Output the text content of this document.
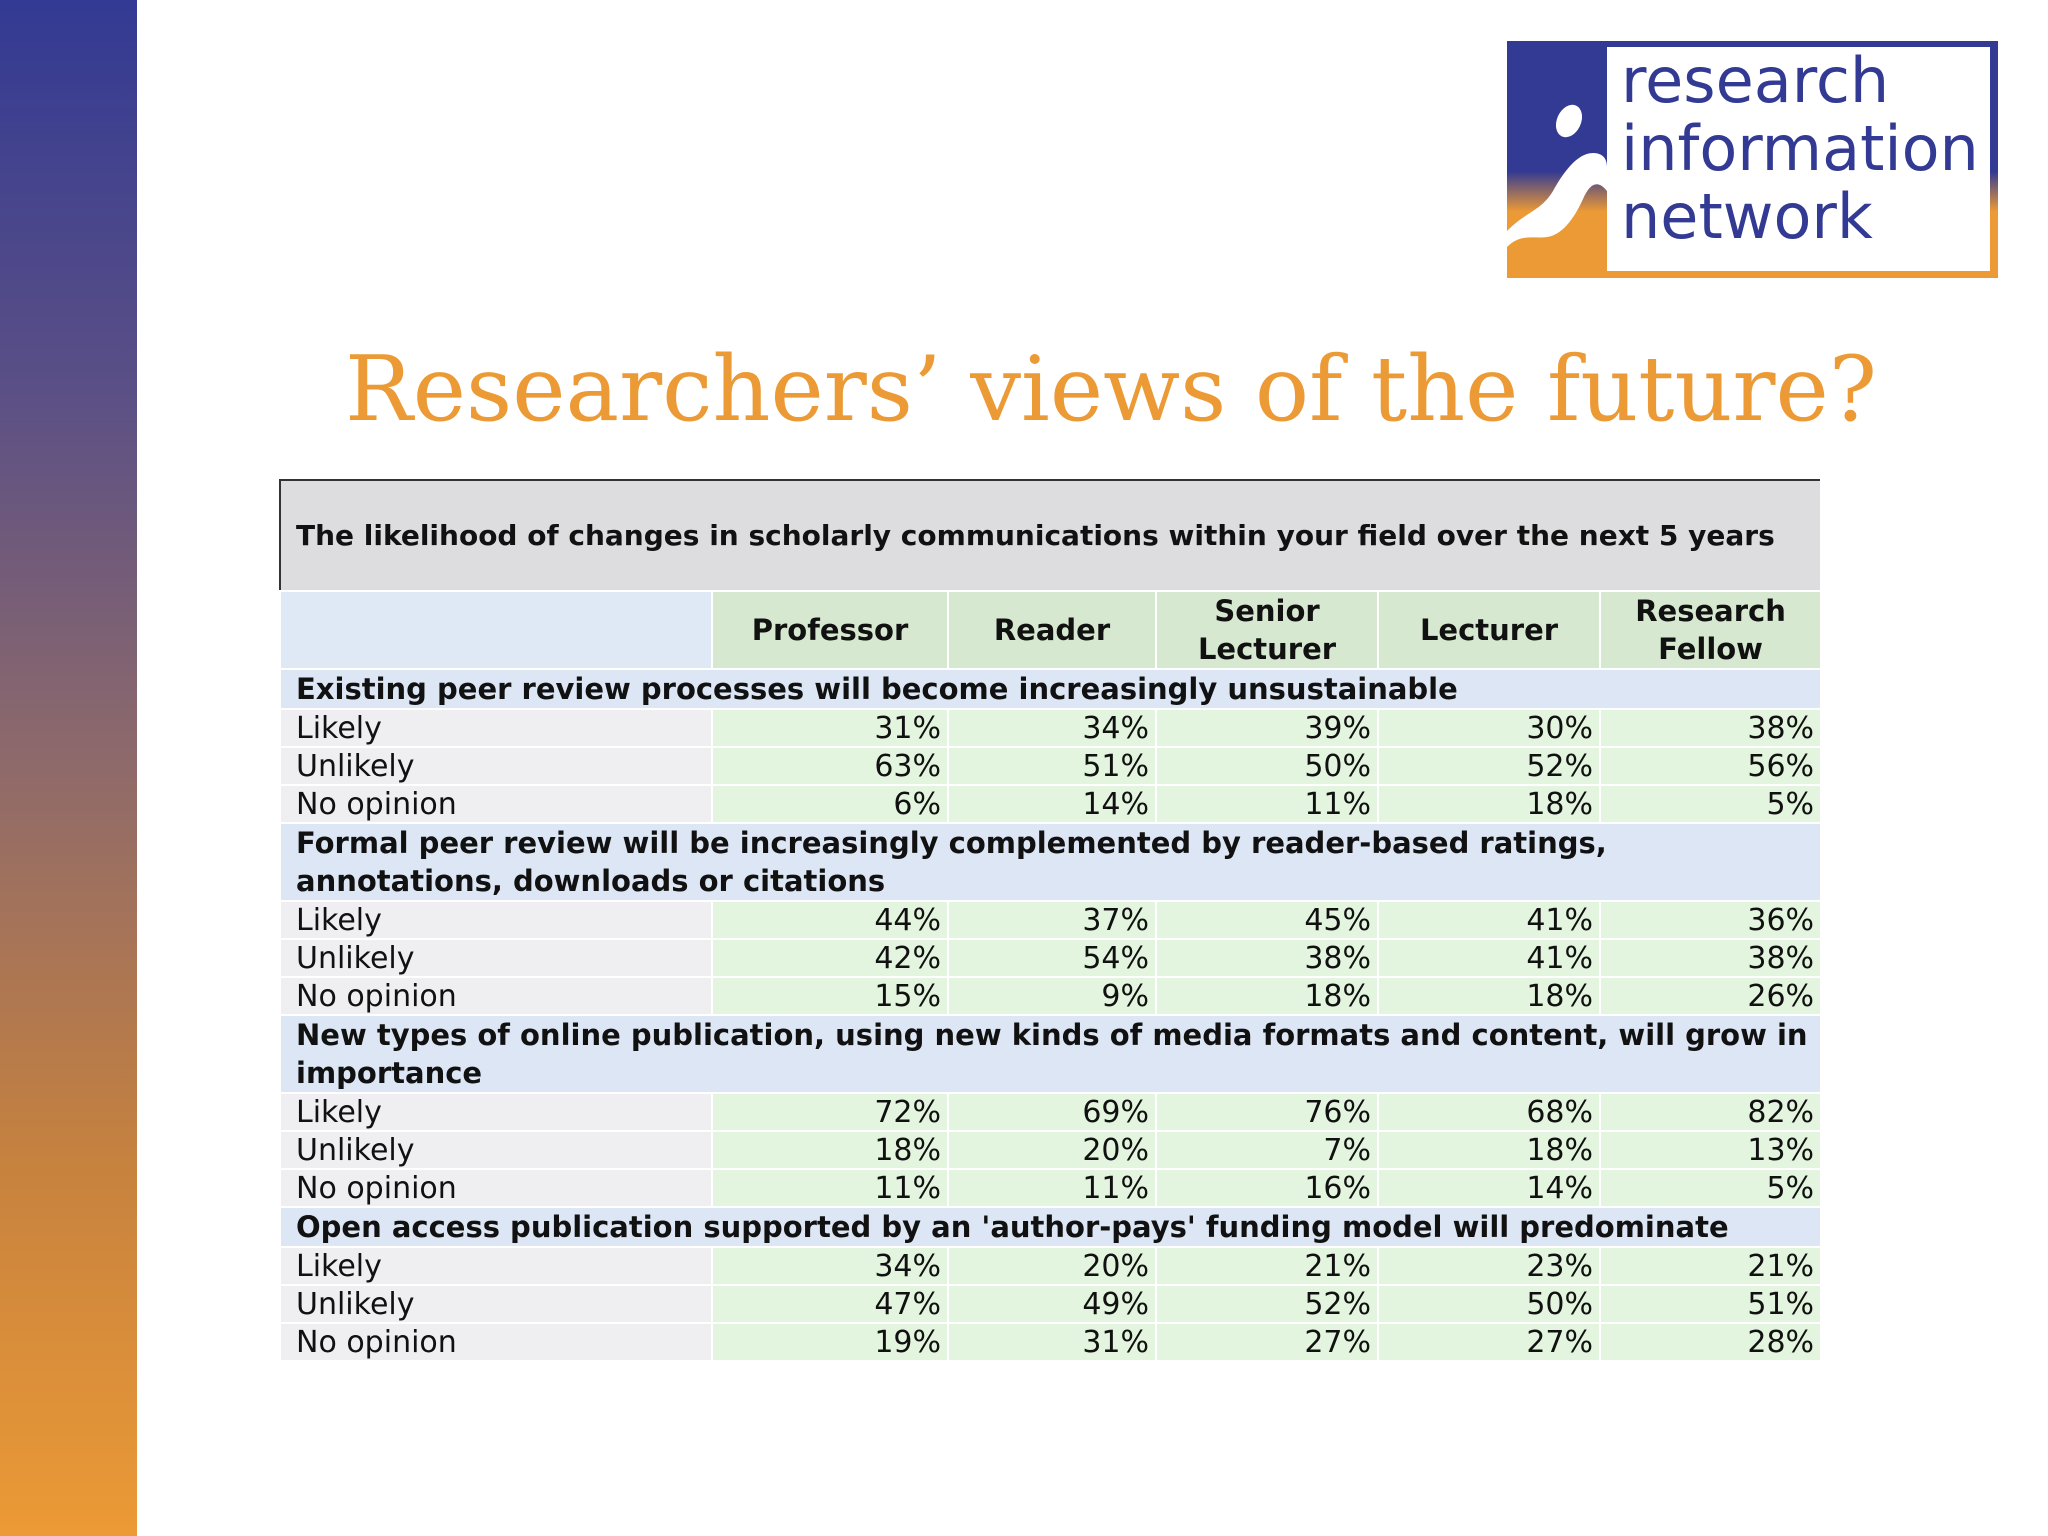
research
information
network
Researchers’ views of the future?
The likelihood of changes in scholarly communications within your field over the next 5 years					
	Professor	Reader	Senior Lecturer	Lecturer	Research Fellow
Existing peer review processes will become increasingly unsustainable					
Likely	31%	34%	39%	30%	38%
Unlikely	63%	51%	50%	52%	56%
No opinion	6%	14%	11%	18%	5%
Formal peer review will be increasingly complemented by reader-based ratings, annotations, downloads or citations					
Likely	44%	37%	45%	41%	36%
Unlikely	42%	54%	38%	41%	38%
No opinion	15%	9%	18%	18%	26%
New types of online publication, using new kinds of media formats and content, will grow in importance					
Likely	72%	69%	76%	68%	82%
Unlikely	18%	20%	7%	18%	13%
No opinion	11%	11%	16%	14%	5%
Open access publication supported by an 'author-pays' funding model will predominate					
Likely	34%	20%	21%	23%	21%
Unlikely	47%	49%	52%	50%	51%
No opinion	19%	31%	27%	27%	28%
